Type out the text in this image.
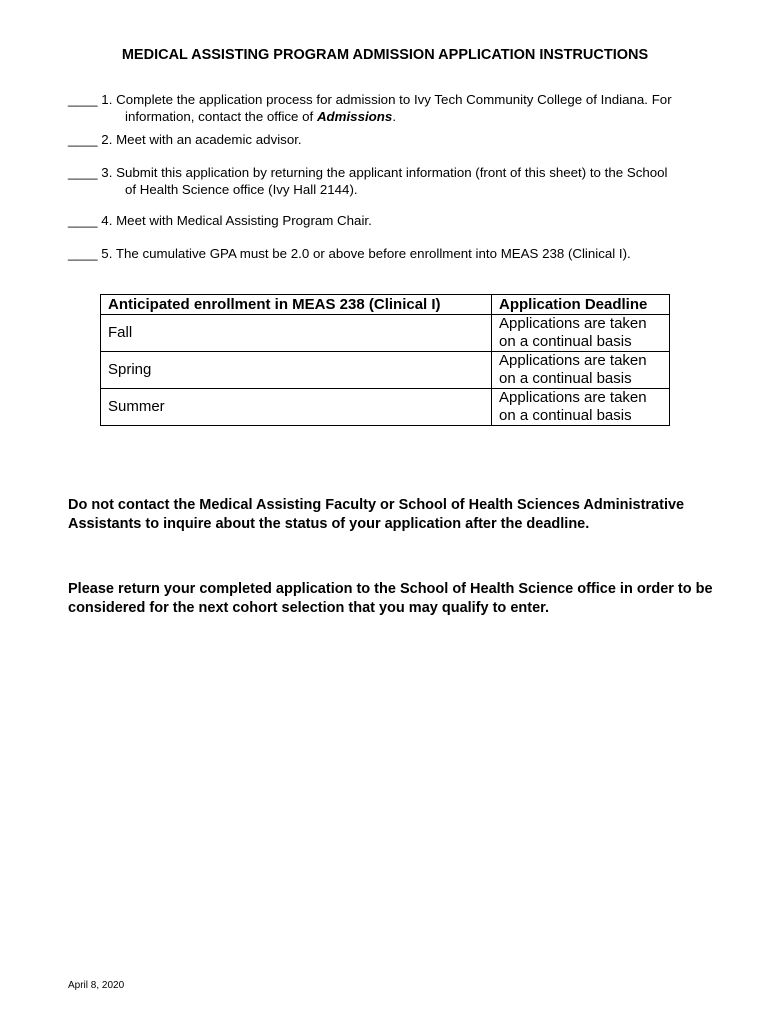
MEDICAL ASSISTING PROGRAM ADMISSION APPLICATION INSTRUCTIONS
____ 1. Complete the application process for admission to Ivy Tech Community College of Indiana. For
information, contact the office of Admissions.
____ 2. Meet with an academic advisor.
____ 3. Submit this application by returning the applicant information (front of this sheet) to the School
of Health Science office (Ivy Hall 2144).
____ 4. Meet with Medical Assisting Program Chair.
____ 5. The cumulative GPA must be 2.0 or above before enrollment into MEAS 238 (Clinical I).
Anticipated enrollment in MEAS 238 (Clinical I)	Application Deadline
Fall	Applications are taken
on a continual basis

Spring	Applications are taken
on a continual basis

Summer	Applications are taken
on a continual basis
Do not contact the Medical Assisting Faculty or School of Health Sciences Administrative Assistants to inquire about the status of your application after the deadline.
Please return your completed application to the School of Health Science office in order to be considered for the next cohort selection that you may qualify to enter.
April 8, 2020
